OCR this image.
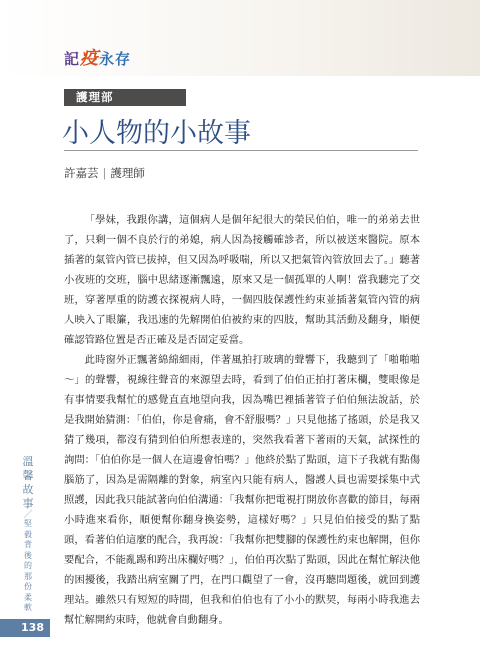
記疫永存
護理部
小人物的小故事
許嘉芸 | 護理師

「學妹，我跟你講，這個病人是個年紀很大的榮民伯伯，唯一的弟弟去世了，只剩一個不良於行的弟媳，病人因為接觸確診者，所以被送來醫院。原本插著的氣管內管已拔掉，但又因為呼吸喘，所以又把氣管內管放回去了。」聽著小夜班的交班，腦中思緒逐漸飄遠，原來又是一個孤單的人啊！當我聽完了交班，穿著厚重的防護衣探視病人時，一個四肢保護性約束並插著氣管內管的病人映入了眼簾，我迅速的先解開伯伯被約束的四肢，幫助其活動及翻身，順便確認管路位置是否正確及是否固定妥當。

此時窗外正飄著綿綿細雨，伴著風拍打玻璃的聲響下，我聽到了「啪啪啪～」的聲響，視線往聲音的來源望去時，看到了伯伯正拍打著床欄，雙眼像是有事情要我幫忙的感覺直直地望向我，因為嘴巴裡插著管子伯伯無法說話，於是我開始猜測：「伯伯，你是會痛，會不舒服嗎？」只見他搖了搖頭，於是我又猜了幾項，都沒有猜到伯伯所想表達的，突然我看著下著雨的天氣，試探性的詢問：「伯伯你是一個人在這邊會怕嗎？」他終於點了點頭，這下子我就有點傷腦筋了，因為是需隔離的對象，病室內只能有病人，醫護人員也需要採集中式照護，因此我只能試著向伯伯溝通：「我幫你把電視打開放你喜歡的節目，每兩小時進來看你，順便幫你翻身換姿勢，這樣好嗎？」只見伯伯接受的點了點頭，看著伯伯這麼的配合，我再說：「我幫你把雙腳的保護性約束也解開，但你要配合，不能亂踢和跨出床欄好嗎？」，伯伯再次點了點頭，因此在幫忙解決他的困擾後，我踏出病室關了門，在門口觀望了一會，沒再聽問題後，就回到護理站。雖然只有短短的時間，但我和伯伯也有了小小的默契，每兩小時我進去幫忙解開約束時，他就會自動翻身。

溫
馨
故
事
／
堅
毅
背
後
的
那
份
柔
軟
138
